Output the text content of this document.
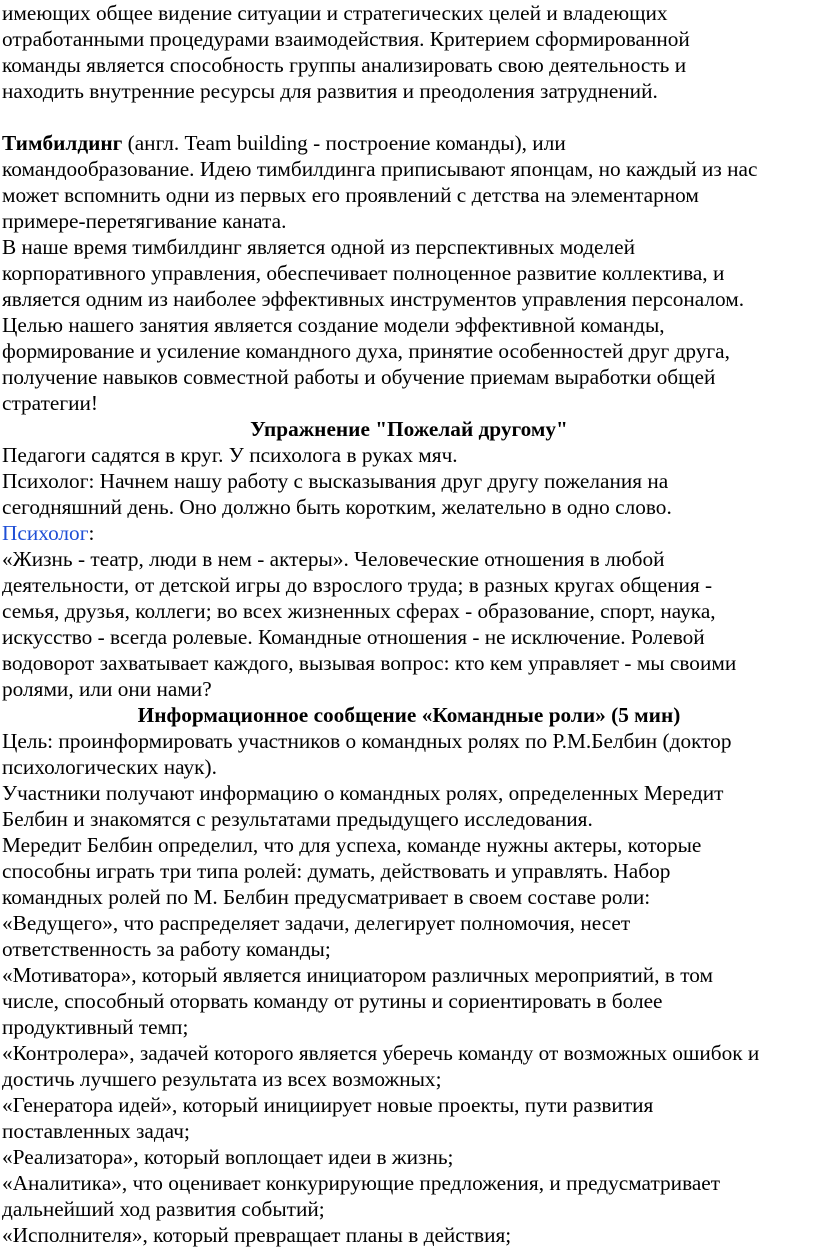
имеющих общее видение ситуации и стратегических целей и владеющих

отработанными процедурами взаимодействия. Критерием сформированной

команды является способность группы анализировать свою деятельность и

находить внутренние ресурсы для развития и преодоления затруднений.

Тимбилдинг (англ. Team building - построение команды), или

командообразование. Идею тимбилдинга приписывают японцам, но каждый из нас

может вспомнить одни из первых его проявлений с детства на элементарном

примере-перетягивание каната.

В наше время тимбилдинг является одной из перспективных моделей

корпоративного управления, обеспечивает полноценное развитие коллектива, и

является одним из наиболее эффективных инструментов управления персоналом.

Целью нашего занятия является создание модели эффективной команды,

формирование и усиление командного духа, принятие особенностей друг друга,

получение навыков совместной работы и обучение приемам выработки общей

стратегии!

Упражнение "Пожелай другому"

Педагоги садятся в круг. У психолога в руках мяч.

Психолог: Начнем нашу работу с высказывания друг другу пожелания на

сегодняшний день. Оно должно быть коротким, желательно в одно слово.

Психолог:

«Жизнь - театр, люди в нем - актеры». Человеческие отношения в любой

деятельности, от детской игры до взрослого труда; в разных кругах общения -

семья, друзья, коллеги; во всех жизненных сферах - образование, спорт, наука,

искусство - всегда ролевые. Командные отношения - не исключение. Ролевой

водоворот захватывает каждого, вызывая вопрос: кто кем управляет - мы своими

ролями, или они нами?

Информационное сообщение «Командные роли» (5 мин)

Цель: проинформировать участников о командных ролях по Р.М.Белбин (доктор

психологических наук).

Участники получают информацию о командных ролях, определенных Мередит

Белбин и знакомятся с результатами предыдущего исследования.

Мередит Белбин определил, что для успеха, команде нужны актеры, которые

способны играть три типа ролей: думать, действовать и управлять. Набор

командных ролей по М. Белбин предусматривает в своем составе роли:

«Ведущего», что распределяет задачи, делегирует полномочия, несет

ответственность за работу команды;

«Мотиватора», который является инициатором различных мероприятий, в том

числе, способный оторвать команду от рутины и сориентировать в более

продуктивный темп;

«Контролера», задачей которого является уберечь команду от возможных ошибок и

достичь лучшего результата из всех возможных;

«Генератора идей», который инициирует новые проекты, пути развития

поставленных задач;

«Реализатора», который воплощает идеи в жизнь;

«Аналитика», что оценивает конкурирующие предложения, и предусматривает

дальнейший ход развития событий;

«Исполнителя», который превращает планы в действия;
